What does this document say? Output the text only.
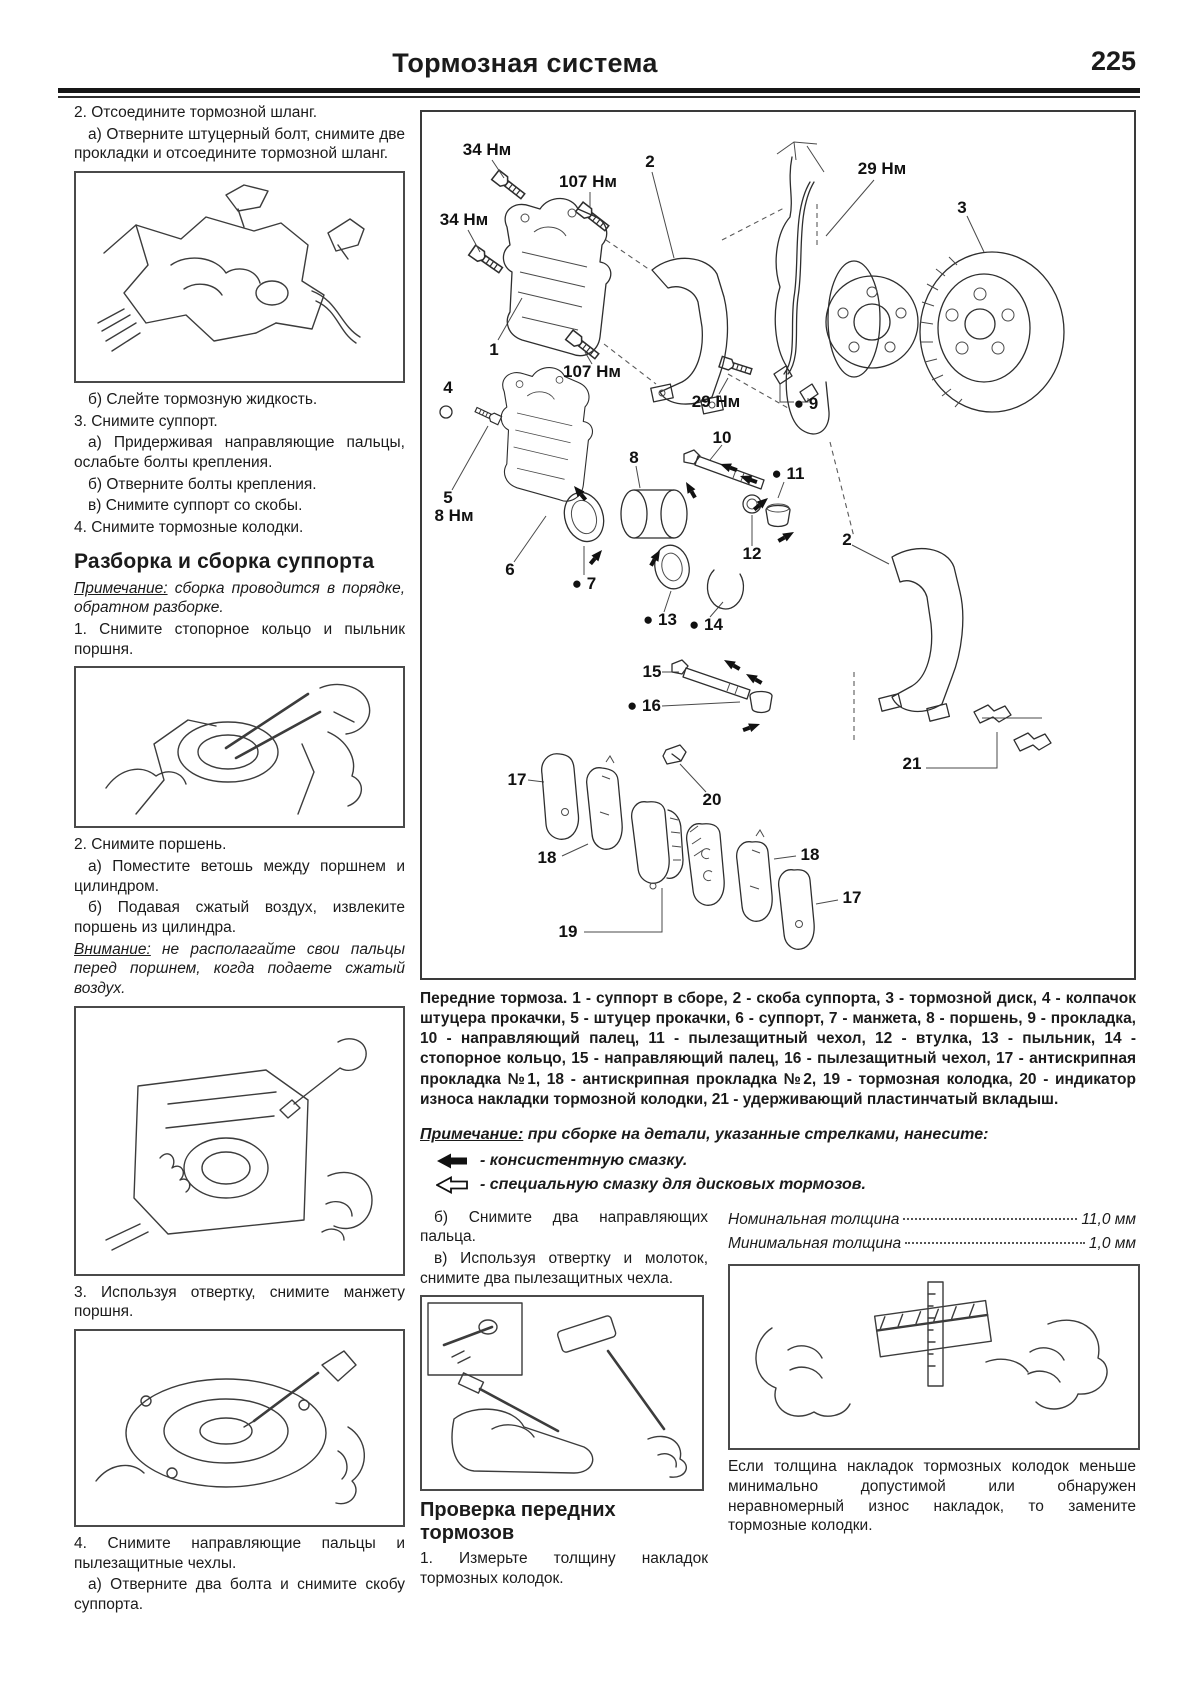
Тормозная система	225

2. Отсоедините тормозной шланг.

а) Отверните штуцерный болт, снимите две прокладки и отсоедините тормозной шланг.

б) Слейте тормозную жидкость.

3. Снимите суппорт.

а) Придерживая направляющие пальцы, ослабьте болты крепления.

б) Отверните болты крепления.

в) Снимите суппорт со скобы.

4. Снимите тормозные колодки.

Разборка и сборка суппорта

Примечание: сборка проводится в порядке, обратном разборке.

1. Снимите стопорное кольцо и пыльник поршня.

2. Снимите поршень.

а) Поместите ветошь между поршнем и цилиндром.

б) Подавая сжатый воздух, извлеките поршень из цилиндра.

Внимание: не располагайте свои пальцы перед поршнем, когда подаете сжатый воздух.

3. Используя отвертку, снимите манжету поршня.

4. Снимите направляющие пальцы и пылезащитные чехлы.

а) Отверните два болта и снимите скобу суппорта.

34 Нм
107 Нм
2	29 Нм
3
34 Нм
1
107 Нм
29 Нм	● 9
4
10
8
● 11
5
8 Нм
6
● 7
12
2
● 13 ● 14
15
● 16
21
17
20
18
19
18
17

Передние тормоза. 1 - суппорт в сборе, 2 - скоба суппорта, 3 - тормозной диск, 4 - колпачок штуцера прокачки, 5 - штуцер прокачки, 6 - суппорт, 7 - манжета, 8 - поршень, 9 - прокладка, 10 - направляющий палец, 11 - пылезащитный чехол, 12 - втулка, 13 - пыльник, 14 - стопорное кольцо, 15 - направляющий палец, 16 - пылезащитный чехол, 17 - антискрипная прокладка №1, 18 - антискрипная прокладка №2, 19 - тормозная колодка, 20 - индикатор износа накладки тормозной колодки, 21 - удерживающий пластинчатый вкладыш.

Примечание: при сборке на детали, указанные стрелками, нанесите:

- консистентную смазку.
- специальную смазку для дисковых тормозов.

б) Снимите два направляющих пальца.

в) Используя отвертку и молоток, снимите два пылезащитных чехла.

Проверка передних тормозов

1. Измерьте толщину накладок тормозных колодок.

Номинальная толщина	11,0 мм
Минимальная толщина	1,0 мм

Если толщина накладок тормозных колодок меньше минимально допустимой или обнаружен неравномерный износ накладок, то замените тормозные колодки.
